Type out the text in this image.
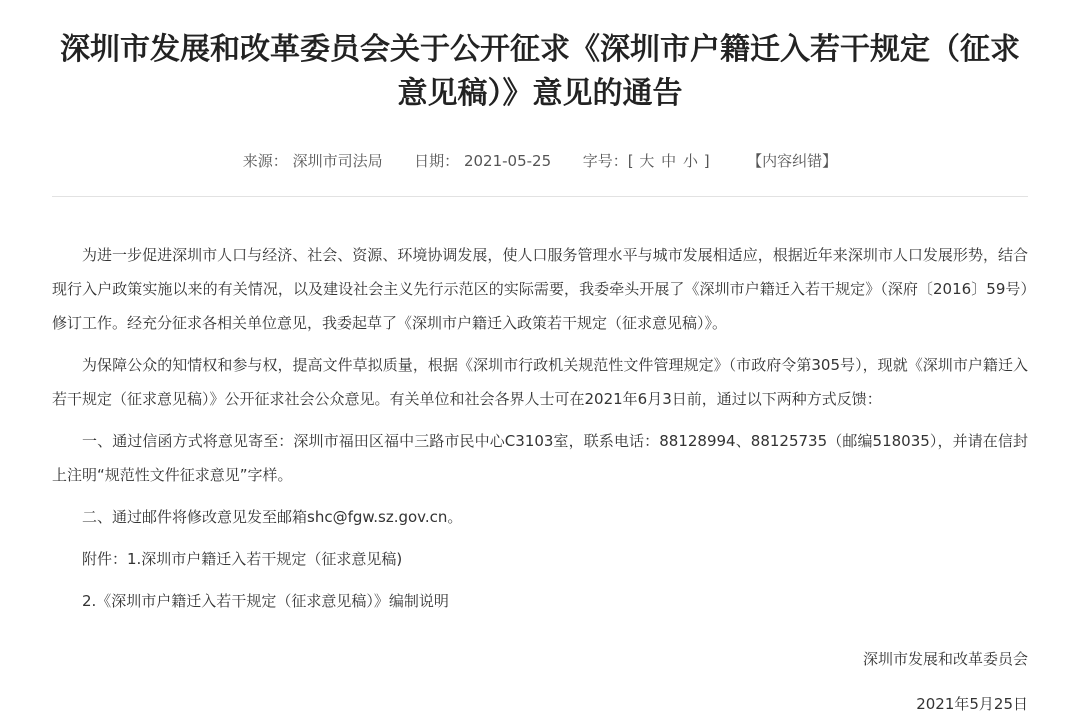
深圳市发展和改革委员会关于公开征求《深圳市户籍迁入若干规定（征求
意见稿）》意见的通告
来源： 深圳市司法局 日期： 2021-05-25 字号：[ 大 中 小 ]	【内容纠错】

为进一步促进深圳市人口与经济、社会、资源、环境协调发展，使人口服务管理水平与城市发展相适应，根据近年来深圳市人口发展形势，结合现行入户政策实施以来的有关情况，以及建设社会主义先行示范区的实际需要，我委牵头开展了《深圳市户籍迁入若干规定》（深府〔2016〕59号）修订工作。经充分征求各相关单位意见，我委起草了《深圳市户籍迁入政策若干规定（征求意见稿）》。

为保障公众的知情权和参与权，提高文件草拟质量，根据《深圳市行政机关规范性文件管理规定》（市政府令第305号），现就《深圳市户籍迁入若干规定（征求意见稿）》公开征求社会公众意见。有关单位和社会各界人士可在2021年6月3日前，通过以下两种方式反馈：

一、通过信函方式将意见寄至：深圳市福田区福中三路市民中心C3103室，联系电话：88128994、88125735（邮编518035），并请在信封上注明“规范性文件征求意见”字样。

二、通过邮件将修改意见发至邮箱shc@fgw.sz.gov.cn。

附件：1.深圳市户籍迁入若干规定（征求意见稿)

2.《深圳市户籍迁入若干规定（征求意见稿）》编制说明

深圳市发展和改革委员会
2021年5月25日
